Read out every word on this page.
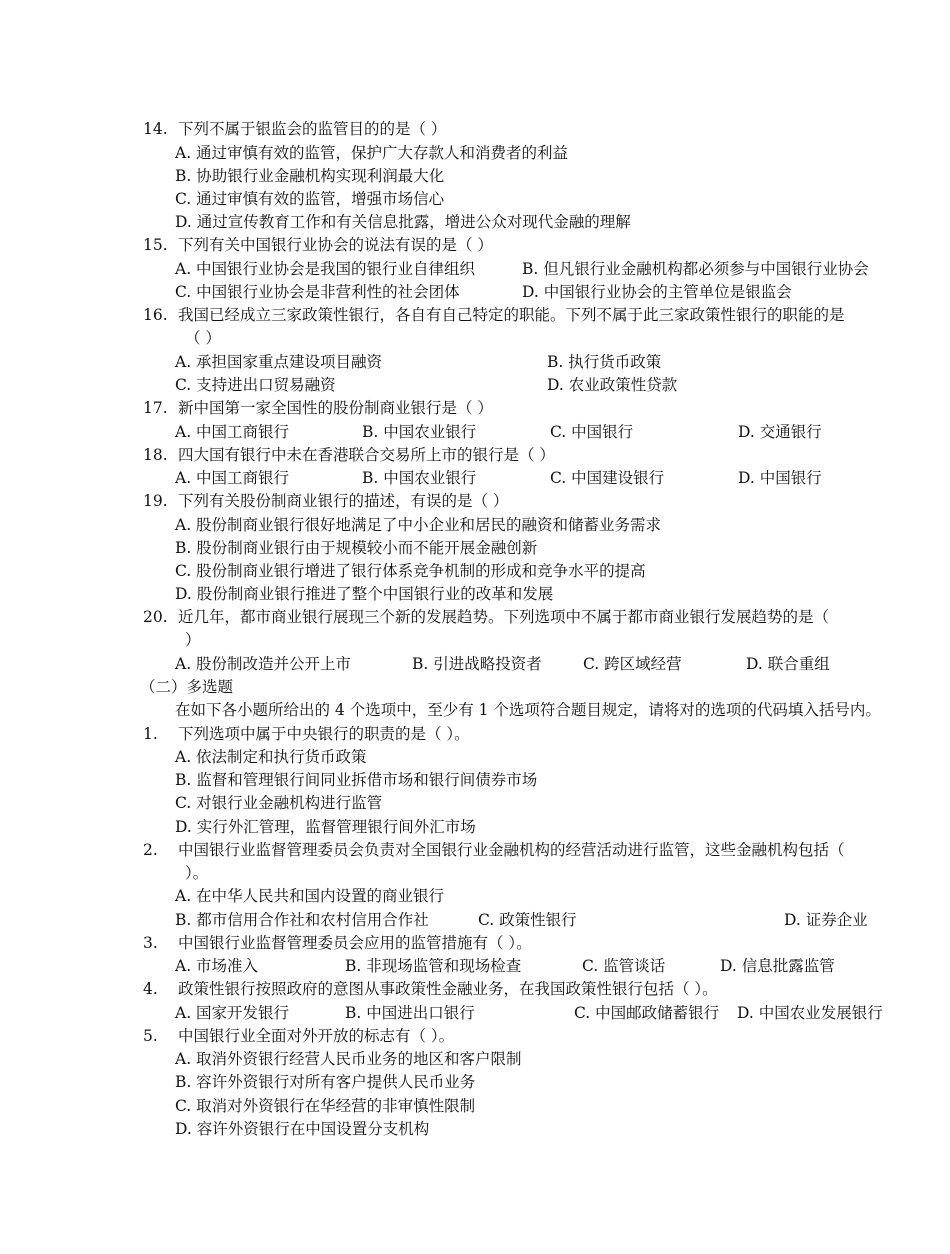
14. 下列不属于银监会的监管目的的是（ ）
A. 通过审慎有效的监管，保护广大存款人和消费者的利益
B. 协助银行业金融机构实现利润最大化
C. 通过审慎有效的监管，增强市场信心
D. 通过宣传教育工作和有关信息批露，增进公众对现代金融的理解
15. 下列有关中国银行业协会的说法有误的是（ ）
A. 中国银行业协会是我国的银行业自律组织	B. 但凡银行业金融机构都必须参与中国银行业协会
C. 中国银行业协会是非营利性的社会团体	D. 中国银行业协会的主管单位是银监会
16. 我国已经成立三家政策性银行，各自有自己特定的职能。下列不属于此三家政策性银行的职能的是
（ ）
A. 承担国家重点建设项目融资	B. 执行货币政策
C. 支持进出口贸易融资	D. 农业政策性贷款
17. 新中国第一家全国性的股份制商业银行是（ ）
A. 中国工商银行	B. 中国农业银行	C. 中国银行	D. 交通银行
18. 四大国有银行中未在香港联合交易所上市的银行是（ ）
A. 中国工商银行	B. 中国农业银行	C. 中国建设银行	D. 中国银行
19. 下列有关股份制商业银行的描述，有误的是（ ）
A. 股份制商业银行很好地满足了中小企业和居民的融资和储蓄业务需求
B. 股份制商业银行由于规模较小而不能开展金融创新
C. 股份制商业银行增进了银行体系竞争机制的形成和竞争水平的提高
D. 股份制商业银行推进了整个中国银行业的改革和发展
20. 近几年，都市商业银行展现三个新的发展趋势。下列选项中不属于都市商业银行发展趋势的是（
）
A. 股份制改造并公开上市	B. 引进战略投资者	C. 跨区域经营	D. 联合重组
（二）多选题
在如下各小题所给出的 4 个选项中，至少有 1 个选项符合题目规定，请将对的选项的代码填入括号内。
1. 下列选项中属于中央银行的职责的是（ ）。
A. 依法制定和执行货币政策
B. 监督和管理银行间同业拆借市场和银行间债券市场
C. 对银行业金融机构进行监管
D. 实行外汇管理，监督管理银行间外汇市场
2. 中国银行业监督管理委员会负责对全国银行业金融机构的经营活动进行监管，这些金融机构包括（
）。
A. 在中华人民共和国内设置的商业银行
B. 都市信用合作社和农村信用合作社	C. 政策性银行	D. 证券企业
3. 中国银行业监督管理委员会应用的监管措施有（ ）。
A. 市场准入	B. 非现场监管和现场检查	C. 监管谈话	D. 信息批露监管
4. 政策性银行按照政府的意图从事政策性金融业务，在我国政策性银行包括（ ）。
A. 国家开发银行	B. 中国进出口银行	C. 中国邮政储蓄银行 D. 中国农业发展银行
5. 中国银行业全面对外开放的标志有（ ）。
A. 取消外资银行经营人民币业务的地区和客户限制
B. 容许外资银行对所有客户提供人民币业务
C. 取消对外资银行在华经营的非审慎性限制
D. 容许外资银行在中国设置分支机构
